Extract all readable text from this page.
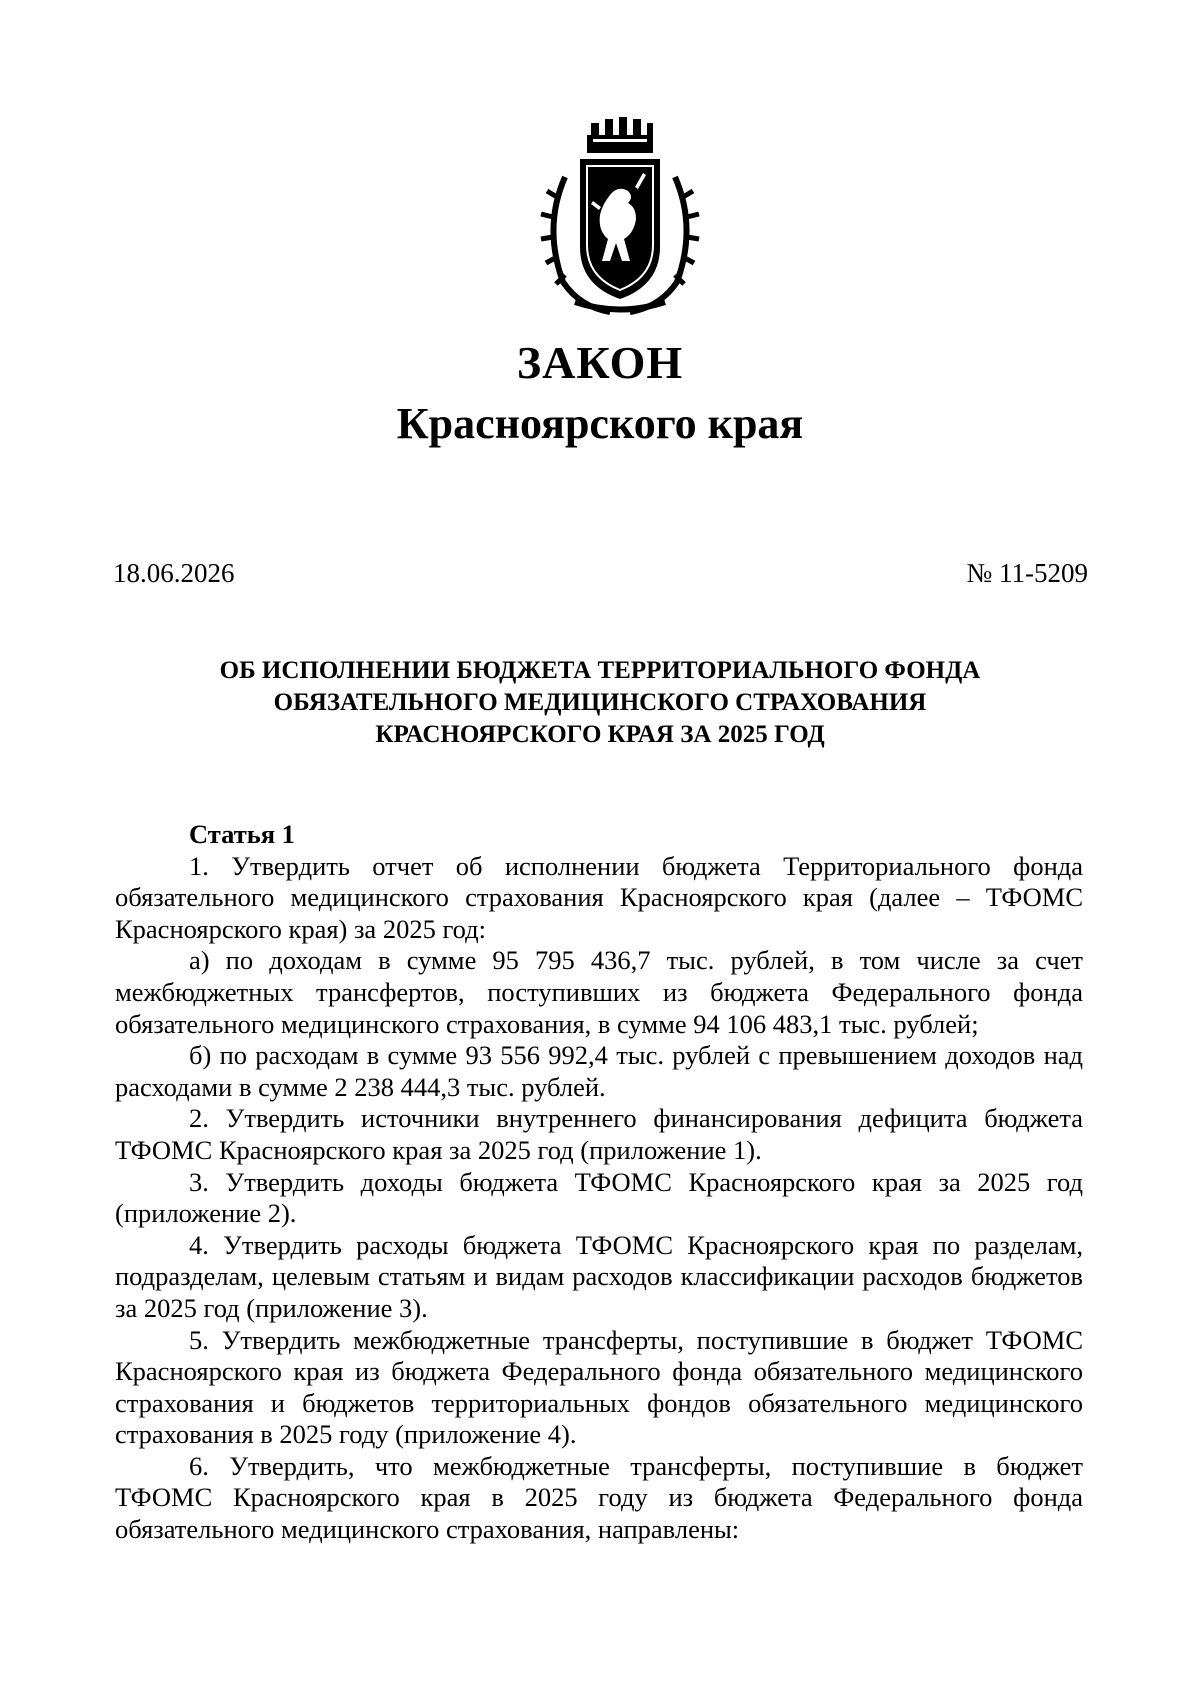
ЗАКОН
Красноярского края
18.06.2026	№ 11-5209
ОБ ИСПОЛНЕНИИ БЮДЖЕТА ТЕРРИТОРИАЛЬНОГО ФОНДА
ОБЯЗАТЕЛЬНОГО МЕДИЦИНСКОГО СТРАХОВАНИЯ
КРАСНОЯРСКОГО КРАЯ ЗА 2025 ГОД

Статья 1

1. Утвердить отчет об исполнении бюджета Территориального фонда обязательного медицинского страхования Красноярского края (далее – ТФОМС Красноярского края) за 2025 год:

а) по доходам в сумме 95 795 436,7 тыс. рублей, в том числе за счет межбюджетных трансфертов, поступивших из бюджета Федерального фонда обязательного медицинского страхования, в сумме 94 106 483,1 тыс. рублей;

б) по расходам в сумме 93 556 992,4 тыс. рублей с превышением доходов над расходами в сумме 2 238 444,3 тыс. рублей.

2. Утвердить источники внутреннего финансирования дефицита бюджета ТФОМС Красноярского края за 2025 год (приложение 1).

3. Утвердить доходы бюджета ТФОМС Красноярского края за 2025 год (приложение 2).

4. Утвердить расходы бюджета ТФОМС Красноярского края по разделам, подразделам, целевым статьям и видам расходов классификации расходов бюджетов за 2025 год (приложение 3).

5. Утвердить межбюджетные трансферты, поступившие в бюджет ТФОМС Красноярского края из бюджета Федерального фонда обязательного медицинского страхования и бюджетов территориальных фондов обязательного медицинского страхования в 2025 году (приложение 4).

6. Утвердить, что межбюджетные трансферты, поступившие в бюджет ТФОМС Красноярского края в 2025 году из бюджета Федерального фонда обязательного медицинского страхования, направлены:
